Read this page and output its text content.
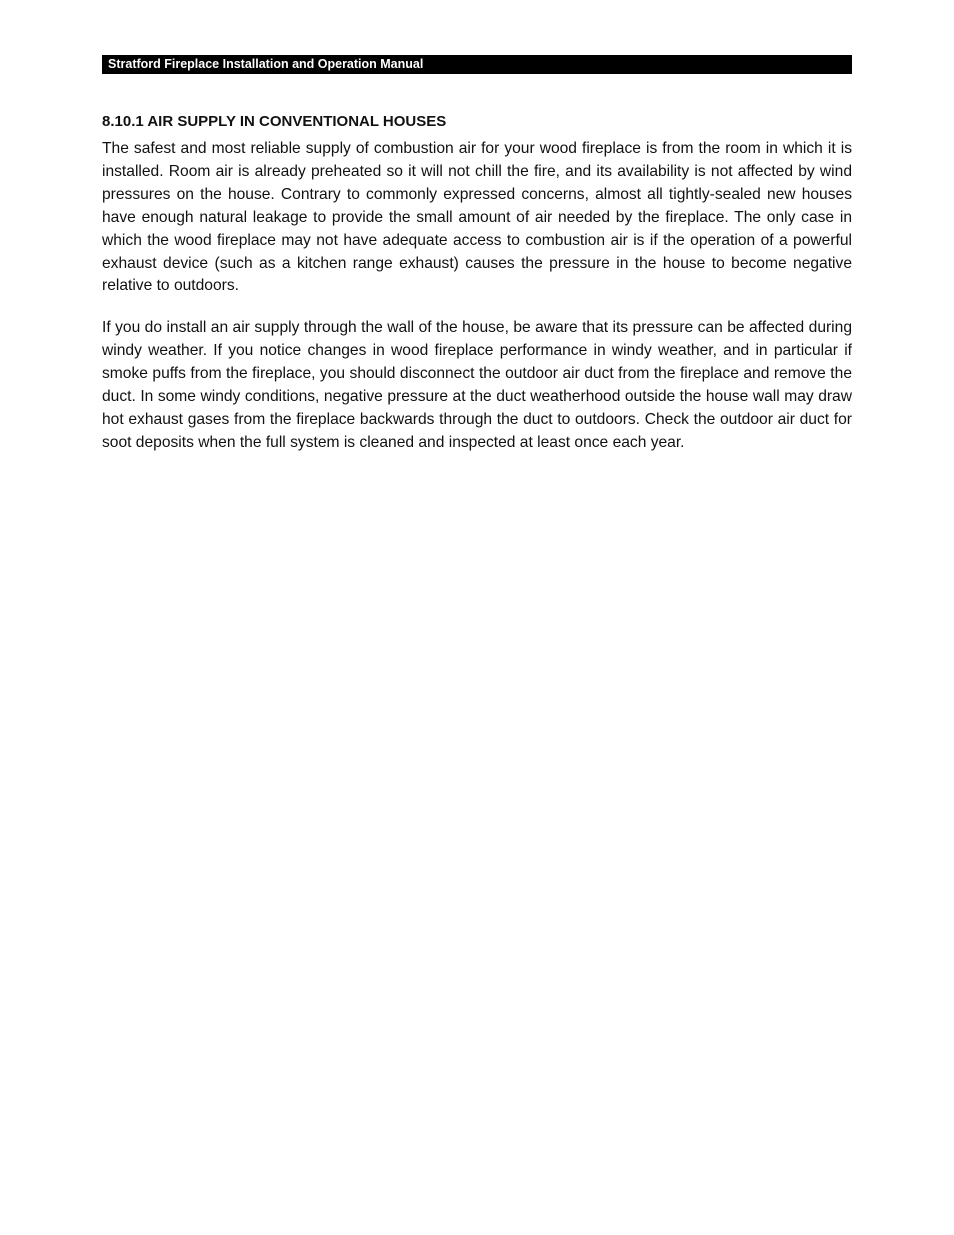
Stratford Fireplace Installation and Operation Manual
8.10.1 AIR SUPPLY IN CONVENTIONAL HOUSES

The safest and most reliable supply of combustion air for your wood fireplace is from the room in which it is installed. Room air is already preheated so it will not chill the fire, and its availability is not affected by wind pressures on the house. Contrary to commonly expressed concerns, almost all tightly-sealed new houses have enough natural leakage to provide the small amount of air needed by the fireplace. The only case in which the wood fireplace may not have adequate access to combustion air is if the operation of a powerful exhaust device (such as a kitchen range exhaust) causes the pressure in the house to become negative relative to outdoors.

If you do install an air supply through the wall of the house, be aware that its pressure can be affected during windy weather. If you notice changes in wood fireplace performance in windy weather, and in particular if smoke puffs from the fireplace, you should disconnect the outdoor air duct from the fireplace and remove the duct. In some windy conditions, negative pressure at the duct weatherhood outside the house wall may draw hot exhaust gases from the fireplace backwards through the duct to outdoors. Check the outdoor air duct for soot deposits when the full system is cleaned and inspected at least once each year.
